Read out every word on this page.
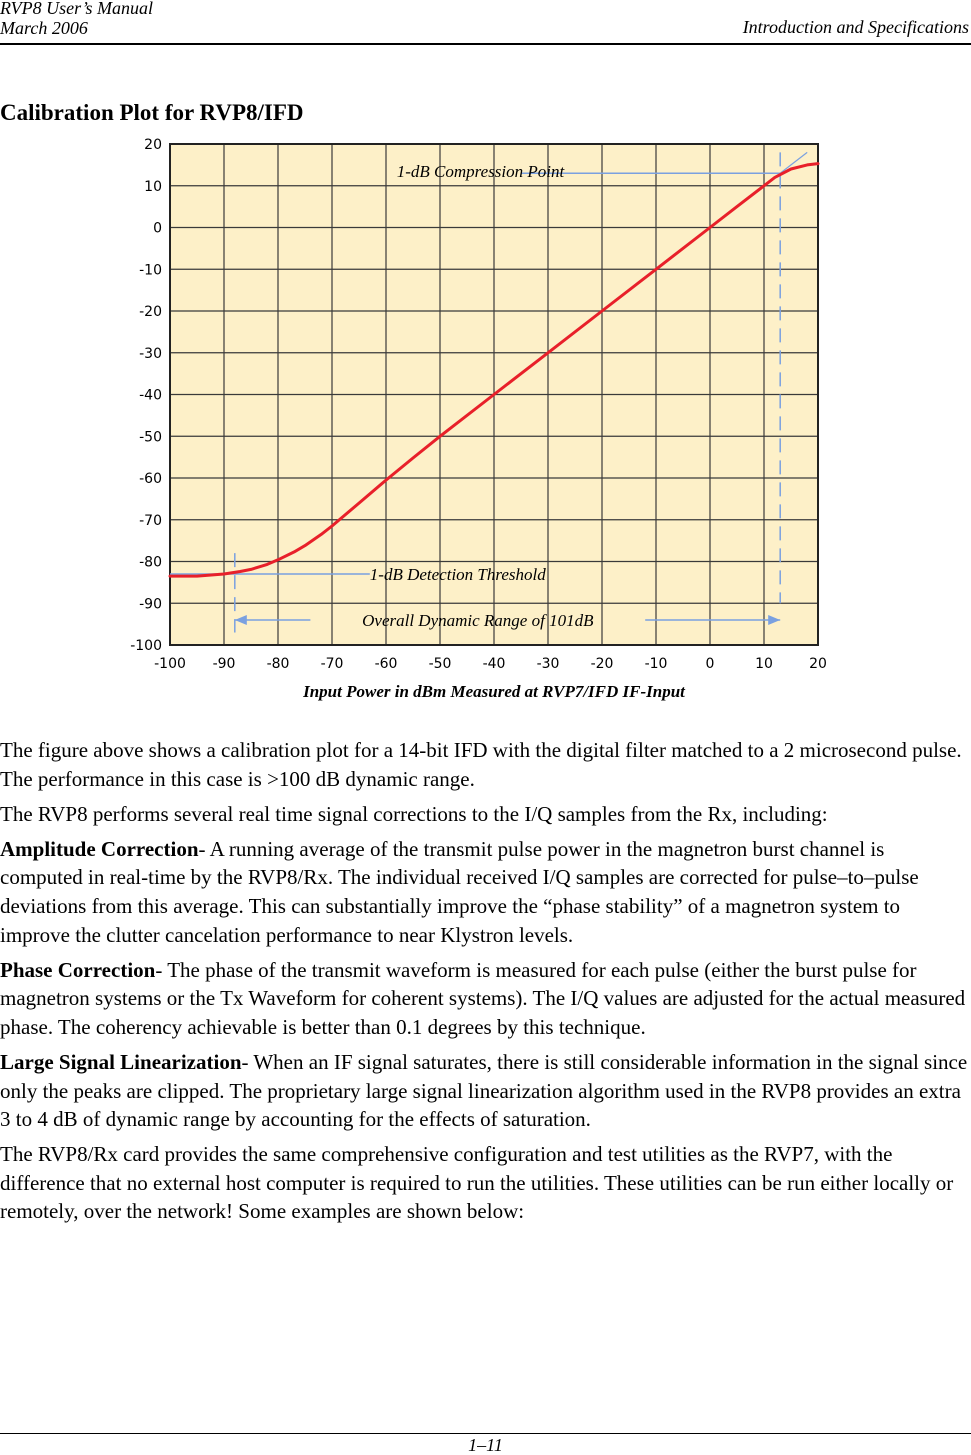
RVP8 User’s Manual
March 2006	Introduction and Specifications
Calibration Plot for RVP8/IFD
20
10
0
-10
-20
-30
-40
-50
-60
-70
-80
-90
-100
-100 -90 -80 -70 -60 -50 -40 -30 -20 -10	0	10	20
Input Power in dBm Measured at RVP7/IFD IF-Input
1-dB Compression Point
1-dB Detection Threshold
Overall Dynamic Range of 101dB

The figure above shows a calibration plot for a 14-bit IFD with the digital filter matched to a 2 microsecond pulse. The performance in this case is >100 dB dynamic range.

The RVP8 performs several real time signal corrections to the I/Q samples from the Rx, including:

Amplitude Correction- A running average of the transmit pulse power in the magnetron burst channel is computed in real-time by the RVP8/Rx. The individual received I/Q samples are corrected for pulse–to–pulse deviations from this average. This can substantially improve the “phase stability” of a magnetron system to improve the clutter cancelation performance to near Klystron levels.

Phase Correction- The phase of the transmit waveform is measured for each pulse (either the burst pulse for magnetron systems or the Tx Waveform for coherent systems). The I/Q values are adjusted for the actual measured phase. The coherency achievable is better than 0.1 degrees by this technique.

Large Signal Linearization- When an IF signal saturates, there is still considerable information in the signal since only the peaks are clipped. The proprietary large signal linearization algorithm used in the RVP8 provides an extra 3 to 4 dB of dynamic range by accounting for the effects of saturation.

The RVP8/Rx card provides the same comprehensive configuration and test utilities as the RVP7, with the difference that no external host computer is required to run the utilities. These utilities can be run either locally or remotely, over the network! Some examples are shown below:

1–11
